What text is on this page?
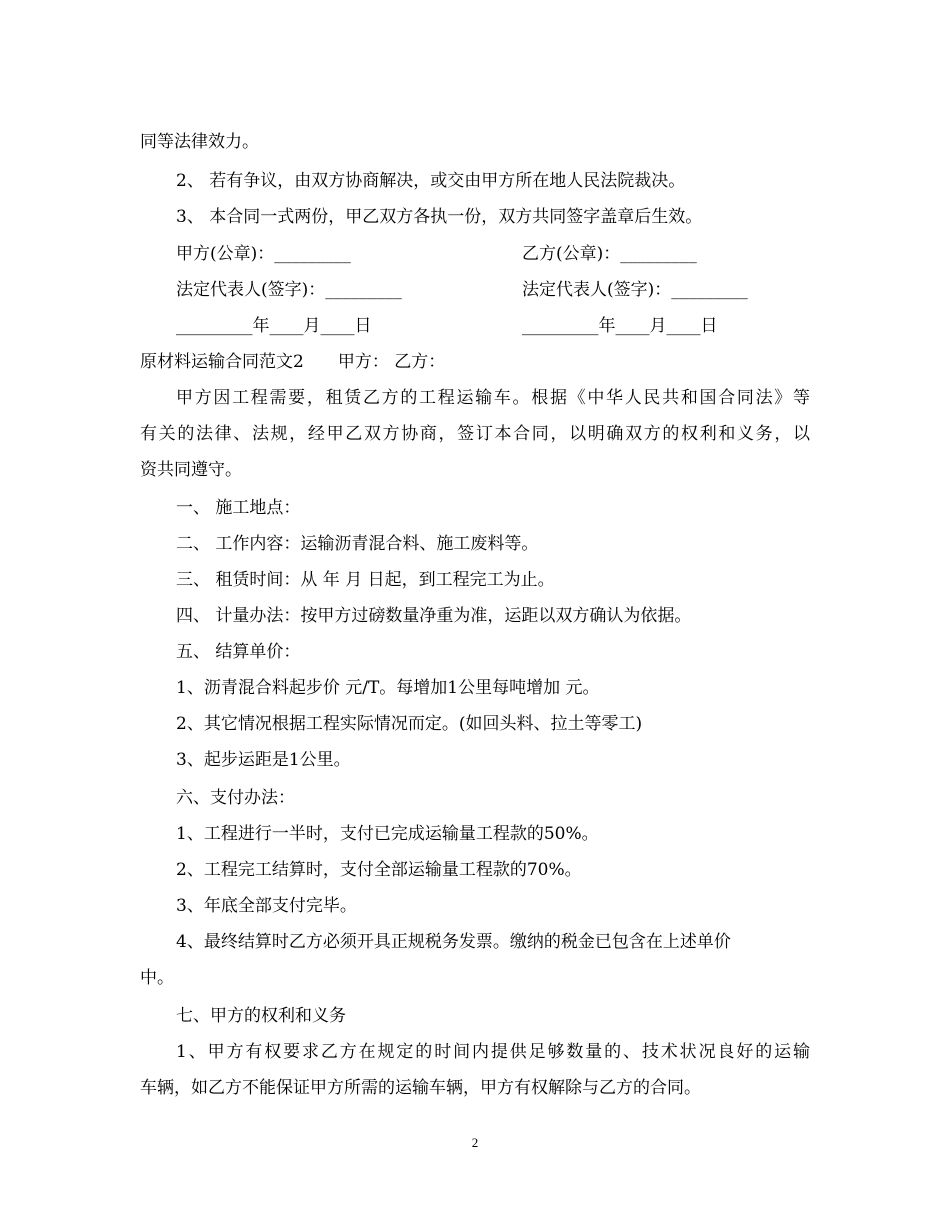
同等法律效力。
2、 若有争议，由双方协商解决，或交由甲方所在地人民法院裁决。
3、 本合同一式两份，甲乙双方各执一份，双方共同签字盖章后生效。
甲方(公章)：_________	乙方(公章)：_________
法定代表人(签字)：_________	法定代表人(签字)：_________
_________年____月____日	_________年____月____日
原材料运输合同范文2　　甲方： 乙方：
甲方因工程需要，租赁乙方的工程运输车。根据《中华人民共和国合同法》等
有关的法律、法规，经甲乙双方协商，签订本合同，以明确双方的权利和义务，以
资共同遵守。
一、 施工地点：
二、 工作内容：运输沥青混合料、施工废料等。
三、 租赁时间：从 年 月 日起，到工程完工为止。
四、 计量办法：按甲方过磅数量净重为准，运距以双方确认为依据。
五、 结算单价：
1、沥青混合料起步价 元/T。每增加1公里每吨增加 元。
2、其它情况根据工程实际情况而定。(如回头料、拉土等零工)
3、起步运距是1公里。
六、支付办法：
1、工程进行一半时，支付已完成运输量工程款的50%。
2、工程完工结算时，支付全部运输量工程款的70%。
3、年底全部支付完毕。
4、最终结算时乙方必须开具正规税务发票。缴纳的税金已包含在上述单价
中。
七、甲方的权利和义务
1、甲方有权要求乙方在规定的时间内提供足够数量的、技术状况良好的运输
车辆，如乙方不能保证甲方所需的运输车辆，甲方有权解除与乙方的合同。
2
